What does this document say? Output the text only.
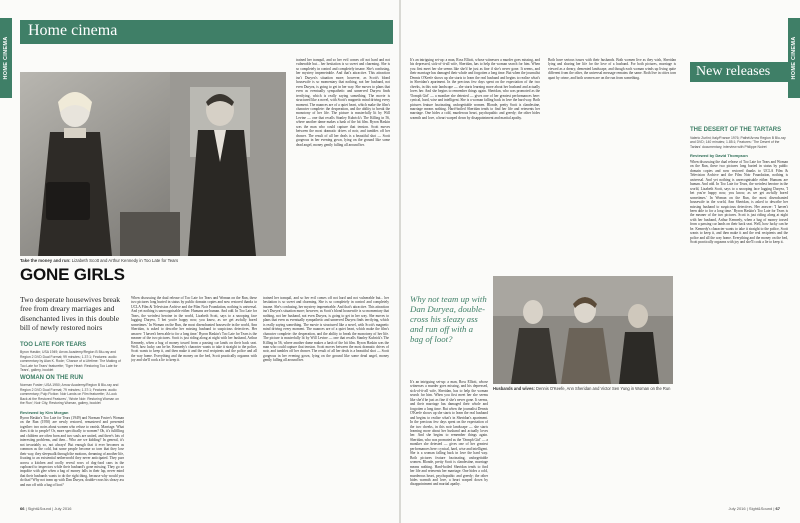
HOME CINEMA
Home cinema
Take the money and run: Lizabeth Scott and Arthur Kennedy in Too Late for Tears
GONE GIRLS
Two desperate housewives break free from dreary marriages and disenchanted lives in this double bill of newly restored noirs
TOO LATE FOR TEARS
Byron Haskin; USA 1949; Arrow Academy/Region B Blu-ray and Region 2 DVD Dual Format; 99 minutes; 1.37:1; Features: audio commentary by Alan K. Rode; 'Chance of a Lifetime: The Making of Too Late for Tears' featurette; 'Tiger Heart: Restoring Too Late for Tears', gallery, booklet
WOMAN ON THE RUN
Norman Foster; USA 1950; Arrow Academy/Region B Blu-ray and Region 2 DVD Dual Format; 79 minutes; 1.37:1; Features: audio commentary; Pulp Fiction: Noir Lands on Film featurette; 'A Look Back at the Restored Features', 'Wrote Noir: Restoring Woman on the Run'; Noir City, Restoring Woman, gallery, booklet
Reviewed by Kim Morgan
Byron Haskin's Too Late for Tears (1949) and Norman Foster's Woman on the Run (1950) are newly restored, remastered and presented together: two noirs about women who refuse to vanish. Marriage. What does it do to people? Or, more specifically to women? Oh, it's fulfilling and children are often born and two souls are united, and there's lots of interesting problems, and then... Who are we kidding? In general, it's not invariably so, not always! But enough that it ever becomes as common as the cold, but some people become so torn that they lose their way, they sleepwalk through the motions, dreaming of another life, fixating to an existential netherworld they never anticipated. They purr across a kitchen and coolly reveal rows of dog-food cans in the cupboard to inspectors while their husband's gone missing. They go so impolite with glee when a bag of money falls in their lap, never mind that their husbands wants to do the right thing, because why would you do that? Why not team up with Dan Duryea, double-cross his sleazy ass and run off with a bag of loot?
When discussing the dual release of Too Late for Tears and Woman on the Run, these two pictures long buried in status by public domain copies and now restored thanks to UCLA Film & Television Archive and the Film Noir Foundation, nothing is universal. And yet nothing is unrecognisable either. Humans are human. And odd. In Too Late for Tears, the weirdest heroine in the world, Lizabeth Scott, says to a snooping face lugging Duryea, 'I bet you're happy now, you know, as we get awfully bored sometimes.' In Woman on the Run, the most disenchanted housewife in the world, Ann Sheridan, is asked to describe her missing husband to suspicious detectives. Her answer: 'I haven't been able to for a long time.' Byron Haskin's Too Late for Tears is the meaner of the two pictures. Scott is just riding along at night with her husband, Arthur Kennedy, when a bag of money tossed from a passing car lands on their back seat. Well, how lucky can he be. Kennedy's character wants to take it straight to the police, Scott wants to keep it, and then make it and the real recipients and the police and all the way home. Everything and the money on the bed, Scott practically orgasms with joy and she'll cook a lie to keep it.
trained her tranquil, and so her evil comes off not hard and not vulnerable but... her hesitation is so sweet and charming. She is so completely in control and completely insane. She's confusing, her mystery impenetrable. And that's attractive. This attraction isn't Duryea's situation more; however, as Scott's blond housewife is so momentary that nothing, not her husband, not even Duryea, is going to get in her way. She moves to plans that even as eventually sympathetic and unnerved Duryea finds terrifying, which is really saying something. The movie is structured like a novel, with Scott's magnetic mind driving every moment. The nuances are of a quiet heart, which make the film's character complete: the desperation, and the ability to break the monotony of her life. The picture is masterfully lit by Will Levine — one that recalls Stanley Kubrick's The Killing in 56, where another dame makes a hash of the hit film. Byron Haskin was the man who could capture that tension. Scott moves between the most dramatic drives of noir, and tumbles off her drawer. The result of all her deals is a beautiful shot — Scott gorgeous in her evening gown, lying on the ground like some dead angel, money gently falling all around her.
trained her tranquil, and so her evil comes off not hard and not vulnerable but... her hesitation is so sweet and charming. She is so completely in control and completely insane. She's confusing, her mystery impenetrable. And that's attractive. This attraction isn't Duryea's situation more; however, as Scott's blond housewife is so momentary that nothing, not her husband, not even Duryea, is going to get in her way. She moves to plans that even as eventually sympathetic and unnerved Duryea finds terrifying, which is really saying something. The movie is structured like a novel, with Scott's magnetic mind driving every moment. The nuances are of a quiet heart, which make the film's character complete: the desperation, and the ability to break the monotony of her life. The picture is masterfully lit by Will Levine — one that recalls Stanley Kubrick's The Killing in 56, where another dame makes a hash of the hit film. Byron Haskin was the man who could capture that tension. Scott moves between the most dramatic drives of noir, and tumbles off her drawer. The result of all her deals is a beautiful shot — Scott gorgeous in her evening gown, lying on the ground like some dead angel, money gently falling all around her.
66 | Sight&Sound | July 2016
HOME CINEMA
It's an intriguing set-up: a man, Ross Elliott, whose witnesses a murder goes missing, and his depressed, sick-of-it-all wife, Sheridan, has to help the woman search for him. When you first meet her she seems like she'd be just as fine if she's never gone. It seems, and their marriage has damaged their whole and forgotten a long time. But when the journalist Dennis O'Keefe shows up she starts to learn the real husband and begins to realise what's in Sheridan's apartment. In the precious few days spent on the expectation of the two cheeks, in this noir landscape — she starts learning more about her husband and actually loves her. And she begins to remember things again. Sheridan, who was promoted as the 'Oomph Girl' — a moniker she detested — gives one of her greatest performances here: cynical, hard, wise and intelligent. She is a woman falling back in love the hard way. Both pictures feature fascinating, unforgettable women. Blonde, pretty Scott is clandestine, marriage means nothing. Hard-boiled Sheridan tends to find her life and reinvents her marriage. One hides a cold, murderous heart, psychopathic and greedy; the other hides warmth and love, a heart warped down by disappointment and marital apathy.
Both have serious issues with their husbands. Both women live as they wish, Sheridan lying and sharing her life for the love of a husband. For both pictures, marriage is viewed as a dreary, demented landscape, and though each woman winds up living quite different from the other, the universal message remains the same. Both live in cities torn apart by crime, and both women are on the run from something.
Why not team up with Dan Duryea, double-cross his sleazy ass and run off with a bag of loot?
It's an intriguing set-up: a man, Ross Elliott, whose witnesses a murder goes missing, and his depressed, sick-of-it-all wife, Sheridan, has to help the woman search for him. When you first meet her she seems like she'd be just as fine if she's never gone. It seems, and their marriage has damaged their whole and forgotten a long time. But when the journalist Dennis O'Keefe shows up she starts to learn the real husband and begins to realise what's in Sheridan's apartment. In the precious few days spent on the expectation of the two cheeks, in this noir landscape — she starts learning more about her husband and actually loves her. And she begins to remember things again. Sheridan, who was promoted as the 'Oomph Girl' — a moniker she detested — gives one of her greatest performances here: cynical, hard, wise and intelligent. She is a woman falling back in love the hard way. Both pictures feature fascinating, unforgettable women. Blonde, pretty Scott is clandestine, marriage means nothing. Hard-boiled Sheridan tends to find her life and reinvents her marriage. One hides a cold, murderous heart, psychopathic and greedy; the other hides warmth and love, a heart warped down by disappointment and marital apathy.
Husbands and wives: Dennis O'Keefe, Ann Sheridan and Victor Sen Yung in Woman on the Run
New releases
THE DESERT OF THE TARTARS
Valerio Zurlini; Italy/France 1976; Pathé/Arrow Region B Blu-ray and DVD; 140 minutes; 1.85:1; Features: 'The Desert of the Tartars' documentary, interview with Philippe Noiret
Reviewed by David Thompson
When discussing the dual release of Too Late for Tears and Woman on the Run, these two pictures long buried in status by public domain copies and now restored thanks to UCLA Film & Television Archive and the Film Noir Foundation, nothing is universal. And yet nothing is unrecognisable either. Humans are human. And odd. In Too Late for Tears, the weirdest heroine in the world, Lizabeth Scott, says to a snooping face lugging Duryea, 'I bet you're happy now, you know, as we get awfully bored sometimes.' In Woman on the Run, the most disenchanted housewife in the world, Ann Sheridan, is asked to describe her missing husband to suspicious detectives. Her answer: 'I haven't been able to for a long time.' Byron Haskin's Too Late for Tears is the meaner of the two pictures. Scott is just riding along at night with her husband, Arthur Kennedy, when a bag of money tossed from a passing car lands on their back seat. Well, how lucky can he be. Kennedy's character wants to take it straight to the police, Scott wants to keep it, and then make it and the real recipients and the police and all the way home. Everything and the money on the bed, Scott practically orgasms with joy and she'll cook a lie to keep it.
July 2016 | Sight&Sound | 67
